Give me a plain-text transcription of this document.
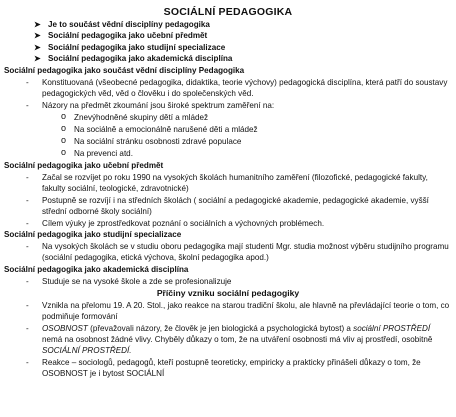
SOCIÁLNÍ PEDAGOGIKA
➤ Je to součást vědní disciplíny pedagogika
➤ Sociální pedagogika jako učební předmět
➤ Sociální pedagogika jako studijní specializace
➤ Sociální pedagogika jako akademická disciplína
Sociální pedagogika jako součást vědní disciplíny Pedagogika
- Konstituovaná (všeobecné pedagogika, didaktika, teorie výchovy) pedagogická disciplína, která patří do soustavy pedagogických věd, věd o člověku i do společenských věd.
- Názory na předmět zkoumání jsou široké spektrum zaměření na:
o Znevýhodněné skupiny dětí a mládež
o Na sociálně a emocionálně narušené děti a mládež
o Na sociální stránku osobnosti zdravé populace
o Na prevenci atd.
Sociální pedagogika jako učební předmět
- Začal se rozvíjet po roku 1990 na vysokých školách humanitního zaměření (filozofické, pedagogické fakulty, fakulty sociální, teologické, zdravotnické)
- Postupně se rozvíjí i na středních školách ( sociální a pedagogické akademie, pedagogické akademie, vyšší střední odborné školy sociální)
- Cílem výuky je zprostředkovat poznání o sociálních a výchovných problémech.
Sociální pedagogika jako studijní specializace
- Na vysokých školách se v studiu oboru pedagogika mají studenti Mgr. studia možnost výběru studijního programu (sociální pedagogika, etická výchova, školní pedagogika apod.)
Sociální pedagogika jako akademická disciplína
- Studuje se na vysoké škole a zde se profesionalizuje
Příčiny vzniku sociální pedagogiky
- Vznikla na přelomu 19. A 20. Stol., jako reakce na starou tradiční školu, ale hlavně na převládající teorie o tom, co podmiňuje formování
- OSOBNOST (převažovali názory, že člověk je jen biologická a psychologická bytost) a sociální PROSTŘEDÍ nemá na osobnost žádné vlivy. Chyběly důkazy o tom, že na utváření osobnosti má vliv aj prostředí, osobitně SOCIÁLNÍ PROSTŘEDÍ.
- Reakce – sociologů, pedagogů, kteří postupně teoreticky, empiricky a prakticky přinášeli důkazy o tom, že OSOBNOST je i bytost SOCIÁLNÍ
